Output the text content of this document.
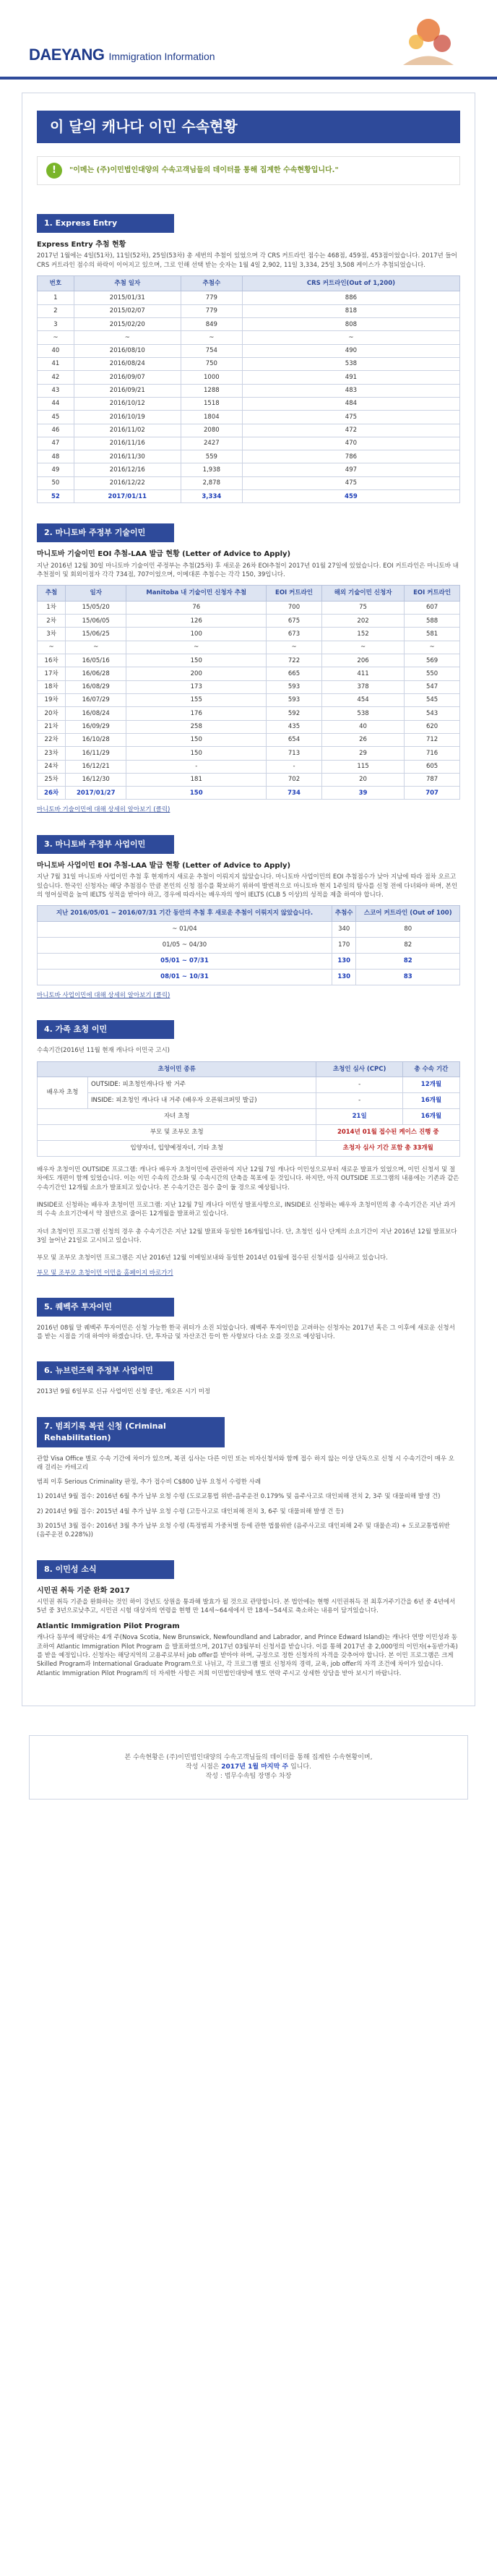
DAEYANG Immigration Information
이 달의 캐나다 이민 수속현황
!	"이메는 (주)이민법인대양의 수속고객님들의 데이터를 통해 집계한 수속현황입니다."
1. Express Entry
Express Entry 추첨 현황
2017년 1월에는 4일(51차), 11일(52차), 25일(53차) 총 세번의 추첨이 있었으며 각 CRS 커트라인 점수는 468점, 459점, 453점이었습니다. 2017년 들어 CRS 커트라인 점수의 하락이 이어지고 있으며, 그로 인해 선택 받는 숫자는 1월 4일 2,902, 11일 3,334, 25일 3,508 케이스가 추첨되었습니다.
번호	추첨 일자	추첨수	CRS 커트라인(Out of 1,200)
1	2015/01/31	779	886
2	2015/02/07	779	818
3	2015/02/20	849	808
~	~	~	~
40	2016/08/10	754	490
41	2016/08/24	750	538
42	2016/09/07	1000	491
43	2016/09/21	1288	483
44	2016/10/12	1518	484
45	2016/10/19	1804	475
46	2016/11/02	2080	472
47	2016/11/16	2427	470
48	2016/11/30	559	786
49	2016/12/16	1,938	497
50	2016/12/22	2,878	475
52	2017/01/11	3,334	459
2. 마니토바 주정부 기술이민
마니토바 기술이민 EOI 추첨-LAA 발급 현황 (Letter of Advice to Apply)
지난 2016년 12월 30일 마니토바 기술이민 주정부는 추첨(25차) 후 새로운 26차 EOI추첨이 2017년 01월 27일에 있었습니다. EOI 커트라인은 마니토바 내추천점이 및 회외이점자 각각 734점, 707이었으며, 이메대론 추첨수는 각각 150, 39입니다.
추첨	일자	Manitoba 내 기술이민 신청자 추첨	EOI 커트라인	해외 기술이민 신청자	EOI 커트라인
1차	15/05/20	76	700	75	607
2차	15/06/05	126	675	202	588
3차	15/06/25	100	673	152	581
~	~	~	~	~	~
16차	16/05/16	150	722	206	569
17차	16/06/28	200	665	411	550
18차	16/08/29	173	593	378	547
19차	16/07/29	155	593	454	545
20차	16/08/24	176	592	538	543
21차	16/09/29	258	435	40	620
22차	16/10/28	150	654	26	712
23차	16/11/29	150	713	29	716
24차	16/12/21	-	-	115	605
25차	16/12/30	181	702	20	787
26차	2017/01/27	150	734	39	707
마니토바 기술이민에 대해 상세히 알아보기 (클릭)
3. 마니토바 주정부 사업이민
마니토바 사업이민 EOI 추첨-LAA 발급 현황 (Letter of Advice to Apply)
지난 7월 31일 마니토바 사업이민 추첨 후 현재까지 새로운 추첨이 이뤄지지 않았습니다. 마니토바 사업이민의 EOI 추첨점수가 낮아 지남에 따라 점차 오르고 있습니다. 한국인 신청자는 해당 추첨점수 만큼 본인의 신청 점수를 확보하기 위하여 발변적으로 마니토바 현지 1주일의 탐사를 신청 전에 다녀와야 하며, 본인의 영어실력을 높여 IELTS 성적을 받아야 하고, 경우에 따라서는 배우자의 영어 IELTS (CLB 5 이상)의 성적을 제출 하여야 합니다.
지난 2016/05/01 ~ 2016/07/31 기간 동안의 추첨 후 새로운 추첨이 이뤄지지 않았습니다.	추첨수	스코어 커트라인 (Out of 100)
~ 01/04	340	80
01/05 ~ 04/30	170	82
05/01 ~ 07/31	130	82
08/01 ~ 10/31	130	83
마니토바 사업이민에 대해 상세히 알아보기 (클릭)
4. 가족 초청 이민
수속기간(2016년 11월 현재 캐나다 이민국 고시)
초청이민 종류		초청인 심사 (CPC)	총 수속 기간
배우자 초청	OUTSIDE: 피초청인캐나다 밖 거주	-	12개월
	INSIDE: 피초청인 캐나다 내 거주 (배우자 오픈워크퍼밋 발급)	-	16개월
자녀 초청		21일	16개월
부모 및 조부모 초청		2014년 01월 접수된 케이스 진행 중	
입양자녀, 입양예정자녀, 기타 초청		초청자 심사 기간 포함 총 33개월	
배우자 초청이민 OUTSIDE 프로그램: 캐나다 배우자 초청이민에 관련하여 지난 12월 7일 캐나다 이민성으로부터 새로운 발표가 있었으며, 이민 신청서 및 절차에도 개편이 함께 있었습니다. 이는 이민 수속의 간소화 및 수속시간의 단축을 목표에 둔 것입니다. 하지만, 아직 OUTSIDE 프로그램의 내용에는 기존과 같은 수속기간인 12개월 소요가 발표되고 있습니다. 본 수속기간은 접수 출이 둘 경으로 예상됩니다.
INSIDE로 신청하는 배우자 초청이민 프로그램: 지난 12월 7일 캐나다 이민성 발표사항으로, INSIDE로 신청하는 배우자 초청이민의 총 수속기간은 지난 과거의 수속 소요기간에서 약 절반으로 줄어든 12개월을 발표하고 있습니다.
자녀 초청이민 프로그램 신청의 경우 총 수속기간은 지난 12월 발표와 동일한 16개월입니다. 단, 초청인 심사 단계의 소요기간이 지난 2016년 12월 발표보다 3일 늘어난 21일로 고시되고 있습니다.
부모 및 조부모 초청이민 프로그램은 지난 2016년 12월 이메일보내와 동일한 2014년 01월에 접수된 신청서를 심사하고 있습니다.
부모 및 조부모 초청이민 이민을 홈페이지 바로가기
5. 퀘벡주 투자이민
2016년 08월 말 퀘벡주 투자이민은 신청 가능한 한국 쿼터가 소진 되었습니다. 퀘벡주 투자이민을 고려하는 신청자는 2017년 혹은 그 이후에 새로운 신청서를 받는 시점을 기대 하여야 하겠습니다. 단, 투자금 및 자산조건 등이 한 사항보다 다소 오를 것으로 예상됩니다.
6. 뉴브런즈윅 주정부 사업이민
2013년 9월 6일부로 신규 사업이민 신청 중단, 재오픈 시기 미정
7. 범죄기록 복권 신청 (Criminal Rehabilitation)
관할 Visa Office 별로 수속 기간에 차이가 있으며, 복권 심사는 다른 이민 또는 비자신청서와 함께 접수 하지 않는 이상 단독으로 신청 시 수속기간이 매우 오래 걸리는 카테고리
범죄 이후 Serious Criminality 판정, 추가 접수비 C$800 납부 요청서 수령한 사례
1) 2014년 9월 접수: 2016년 6월 추가 납부 요청 수령 (도로교통법 위반-음주운전 0.179% 및 음주사고로 대인피해 전치 2, 3주 및 대물피해 발생 건)
2) 2014년 9월 접수: 2015년 4월 추가 납부 요청 수령 (고등사고로 대인피해 전치 3, 6주 및 대물피해 발생 건 등)
3) 2015년 3월 접수: 2016년 3월 추가 납부 요청 수령 (특정범죄 가중처벌 등에 관한 법률위반 (음주사고로 대인피해 2주 및 대물손괴) + 도로교통법위반 (음주운전 0.228%))
8. 이민성 소식
시민권 취득 기준 완화 2017
시민권 취득 기준을 완화하는 것인 하이 강년도 상원을 통과해 발효가 될 것으로 관망합니다. 본 법안에는 현행 시민권취득 전 최후거주기간을 6년 중 4년에서 5년 중 3년으로낮추고, 시민권 시험 대상자의 연령을 현행 만 14세~64세에서 만 18세~54세로 축소하는 내용이 담겨있습니다.
Atlantic Immigration Pilot Program
캐나다 동부에 해당하는 4개 주(Nova Scotia, New Brunswick, Newfoundland and Labrador, and Prince Edward Island)는 캐나다 연방 이민성과 동조하여 Atlantic Immigration Pilot Program 을 발표하였으며, 2017년 03월부터 신청서를 받습니다. 이를 통해 2017년 총 2,000명의 이민자(+동반가족)를 받을 예정입니다. 신청자는 해당지역의 고용주로부터 job offer를 받아야 하며, 규정으로 정한 신청자의 자격을 갖추어야 합니다. 본 이민 프로그램은 크게 Skilled Program과 International Graduate Program으로 나뉘고, 각 프로그램 별로 신청자의 경력, 교육, job offer의 자격 조건에 차이가 있습니다. Atlantic Immigration Pilot Program의 더 자세한 사항은 저희 이민법인대양에 별도 연락 주시고 상세한 상담을 받아 보시기 바랍니다.
본 수속현황은 (주)이민법인대양의 수속고객님들의 데이터를 통해 집계한 수속현황이며,
작성 시점은 2017년 1월 마지막 주 입니다.
작성 : 법무수속팀 장명수 차장
